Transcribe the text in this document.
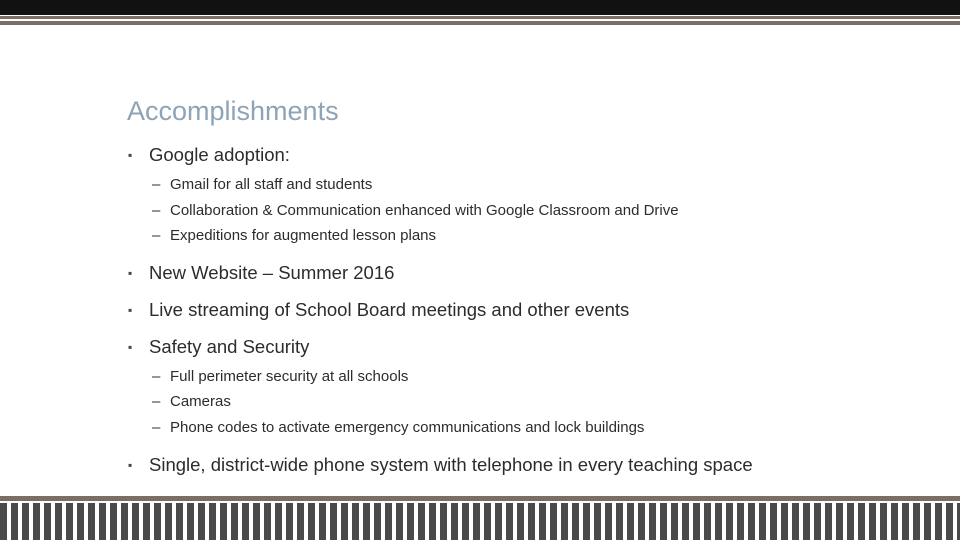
Accomplishments
▪ Google adoption:
– Gmail for all staff and students
– Collaboration & Communication enhanced with Google Classroom and Drive
– Expeditions for augmented lesson plans
▪ New Website – Summer 2016
▪ Live streaming of School Board meetings and other events
▪ Safety and Security
– Full perimeter security at all schools
– Cameras
– Phone codes to activate emergency communications and lock buildings
▪ Single, district-wide phone system with telephone in every teaching space
